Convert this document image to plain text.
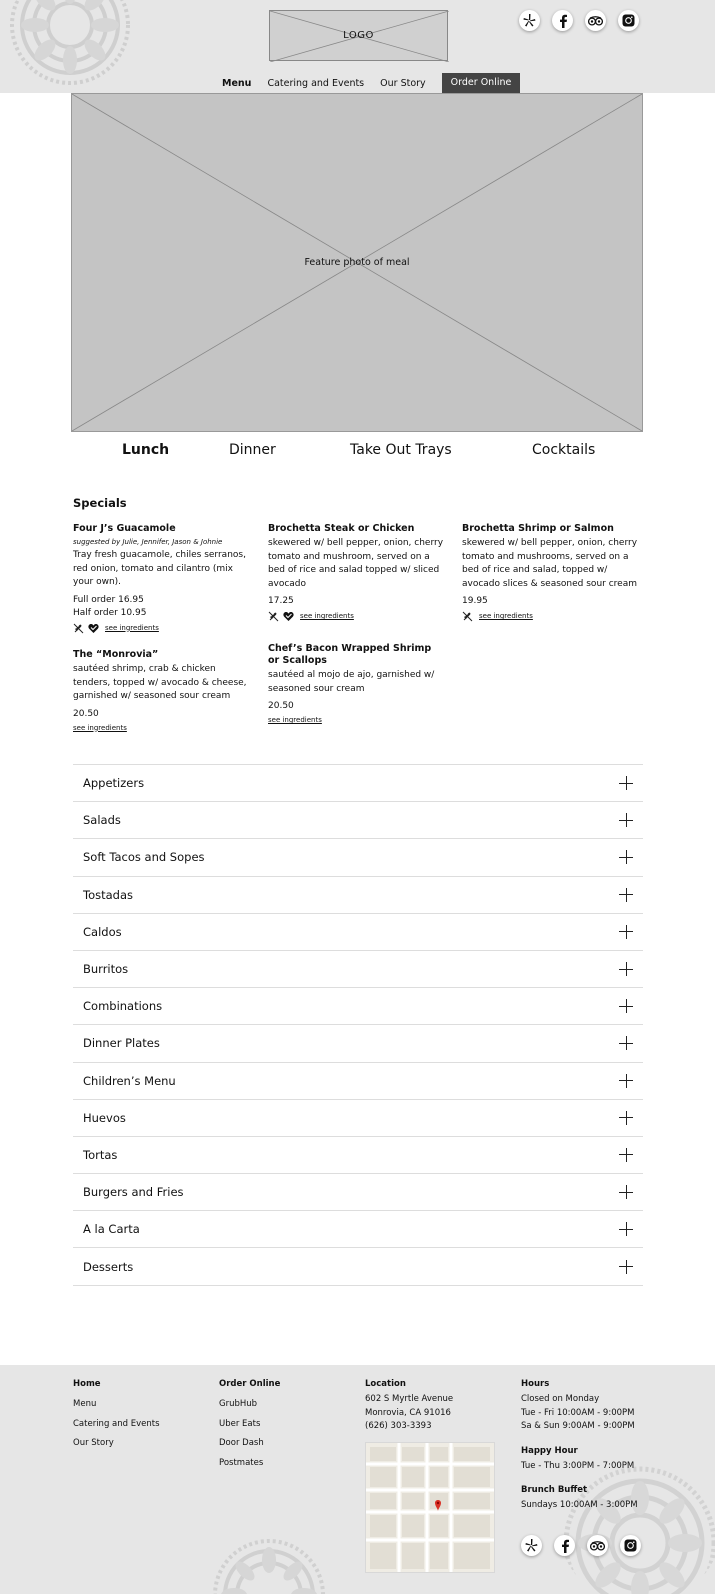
LOGO
Menu Catering and Events Our Story	Order Online
Feature photo of meal
Lunch	Dinner	Take Out Trays	Cocktails
Specials
Four J’s Guacamole
suggested by Julie, Jennifer, Jason & Johnie
Tray fresh guacamole, chiles serranos, red onion, tomato and cilantro (mix your own).
Full order 16.95
Half order 10.95
see ingredients
Brochetta Steak or Chicken
skewered w/ bell pepper, onion, cherry tomato and mushroom, served on a bed of rice and salad topped w/ sliced avocado
17.25
see ingredients
Brochetta Shrimp or Salmon
skewered w/ bell pepper, onion, cherry tomato and mushrooms, served on a bed of rice and salad, topped w/ avocado slices & seasoned sour cream
19.95
see ingredients
The “Monrovia”
sautéed shrimp, crab & chicken tenders, topped w/ avocado & cheese, garnished w/ seasoned sour cream
20.50
see ingredients
Chef’s Bacon Wrapped Shrimp or Scallops
sautéed al mojo de ajo, garnished w/ seasoned sour cream
20.50
see ingredients
Appetizers
Salads
Soft Tacos and Sopes
Tostadas
Caldos
Burritos
Combinations
Dinner Plates
Children’s Menu
Huevos
Tortas
Burgers and Fries
A la Carta
Desserts
Home
Menu
Catering and Events
Our Story
Order Online
GrubHub
Uber Eats
Door Dash
Postmates
Location
602 S Myrtle Avenue
Monrovia, CA 91016
(626) 303-3393
Hours
Closed on Monday
Tue - Fri 10:00AM - 9:00PM
Sa & Sun 9:00AM - 9:00PM
Happy Hour
Tue - Thu 3:00PM - 7:00PM
Brunch Buffet
Sundays 10:00AM - 3:00PM
